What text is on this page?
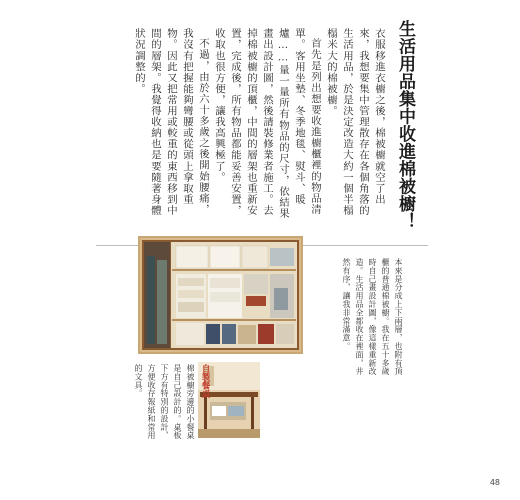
生活用品集中收進棉被櫥！

衣服移進衣櫥之後，棉被櫥就空了出

來，我想要集中管理散存在各個角落的

生活用品，於是決定改造大約一個半榻

榻米大的棉被櫥。

首先是列出想要收進櫥櫃裡的物品清

單。客用坐墊、冬季地毯、熨斗、暖

爐……量一量所有物品的尺寸，依結果

畫出設計圖，然後請裝修業者施工。去

掉棉被櫥的頂櫃，中間的層架也重新安

置，完成後，所有物品都能妥善安置，

收取也很方便，讓我高興極了。

不過，由於六十多歲之後開始腰痛，

我沒有把握能夠彎腰或從頭上拿取重

物。因此又把常用或較重的東西移到中

間的層架。我覺得收納也是要隨著身體

狀況調整的。

本來是分成上下兩層，也附有頂

櫃的普通棉被櫥。我在五十多歲

時自己畫設計圖，像這樣重新改

造。生活用品全都收在裡面，井

然有序，讓我非常滿意。

自製餐桌

棉被櫥旁邊的小餐桌

是自己設計的。桌板

下方有特別的設計，

方便收存報紙和常用

的文具。

48
